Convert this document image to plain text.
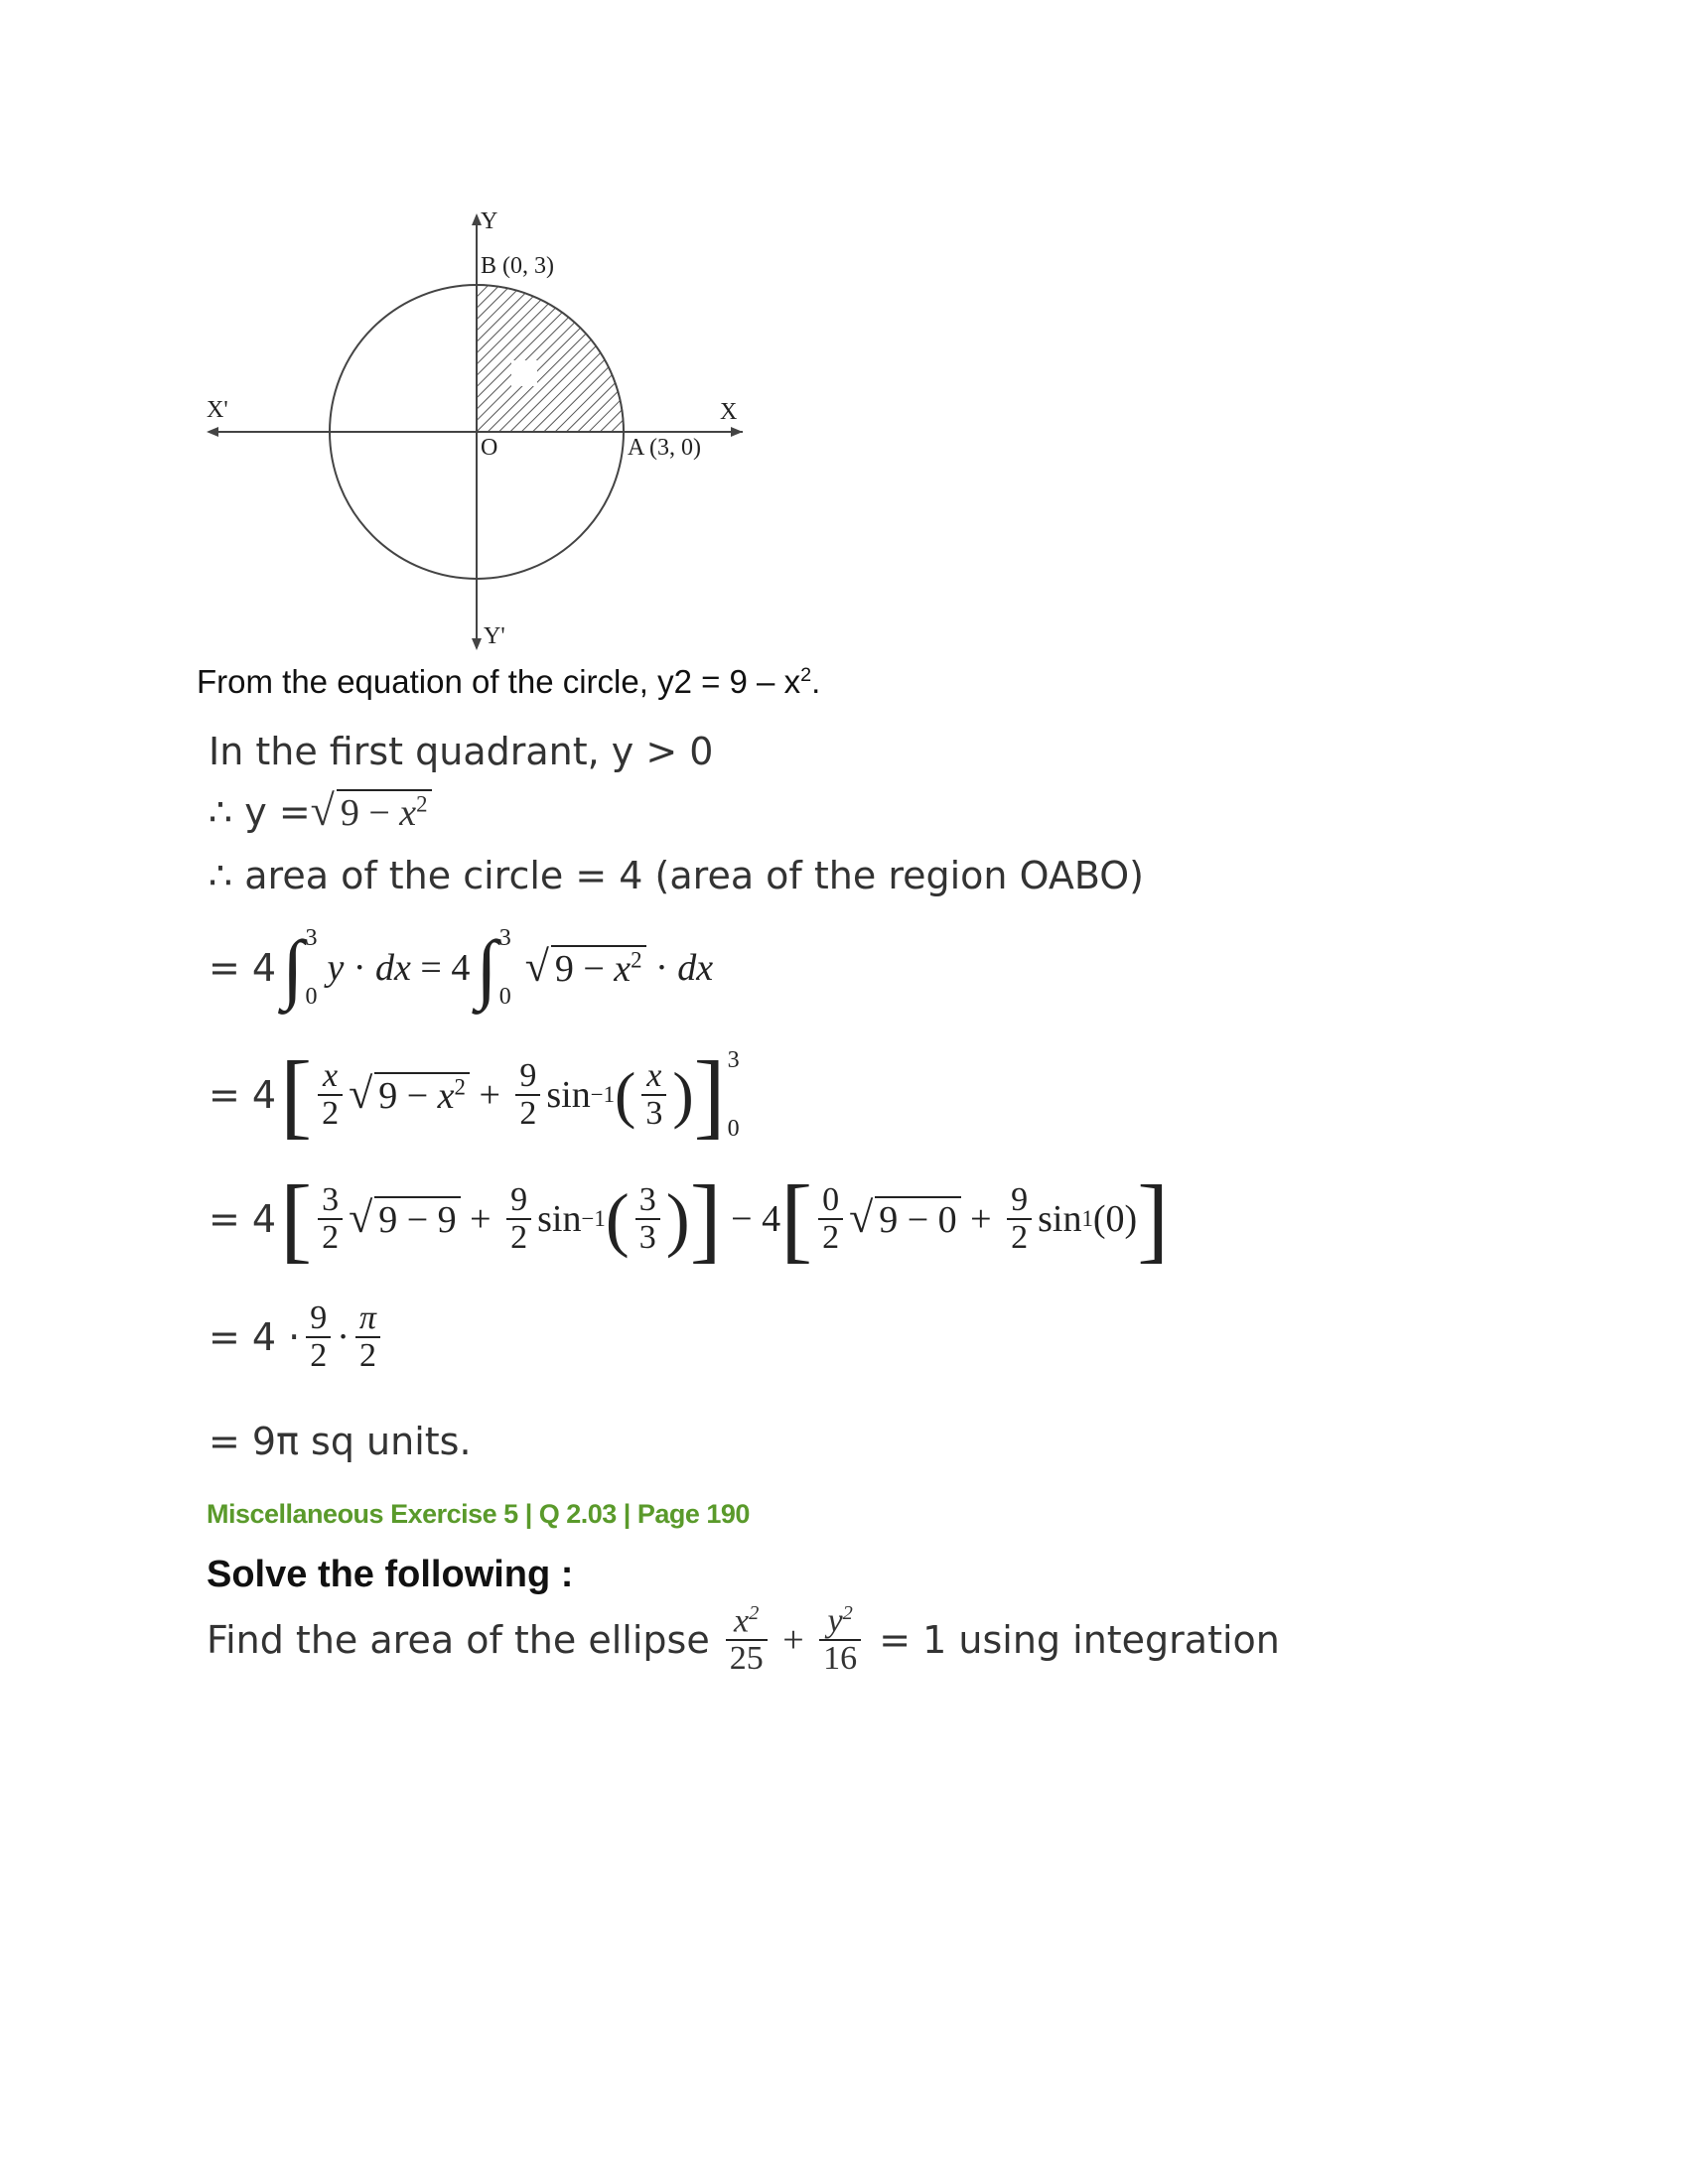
Y
B (0, 3)
X'	X
O	A (3, 0)
Y'
From the equation of the circle, $y2 = 9 - x^2$.
In the first quadrant, y > 0
∴ y = √ $9 - x^2$
∴ area of the circle = 4 (area of the region OABO)
= 4 ∫ 3
0
y · dx = 4 ∫ 3
0
√ $9 - x^2$ · dx
= 4 [ $\frac{x}{2}$ √ $9 - x^2 + \frac{9}{2}$ sin −1 ( $\frac{x}{3}$ ) ] 3
0
= 4 [ $\frac{3}{2}$ √ $9 - 9 + \frac{9}{2}$ sin −1 ( $\frac{3}{3}$ ) ] − 4 [ $\frac{0}{2}$ √ $9 - 0 + \frac{9}{2}$ sin 1 (0) ]
= $4 \cdot \frac{9}{2} \cdot \frac{\pi}{2}$
= 9π sq units.
Miscellaneous Exercise 5 | Q 2.03 | Page 190
Solve the following :
Find the area of the ellipse $\frac{x^2}{25} + \frac{y^2}{16}$
= 1 using integration
